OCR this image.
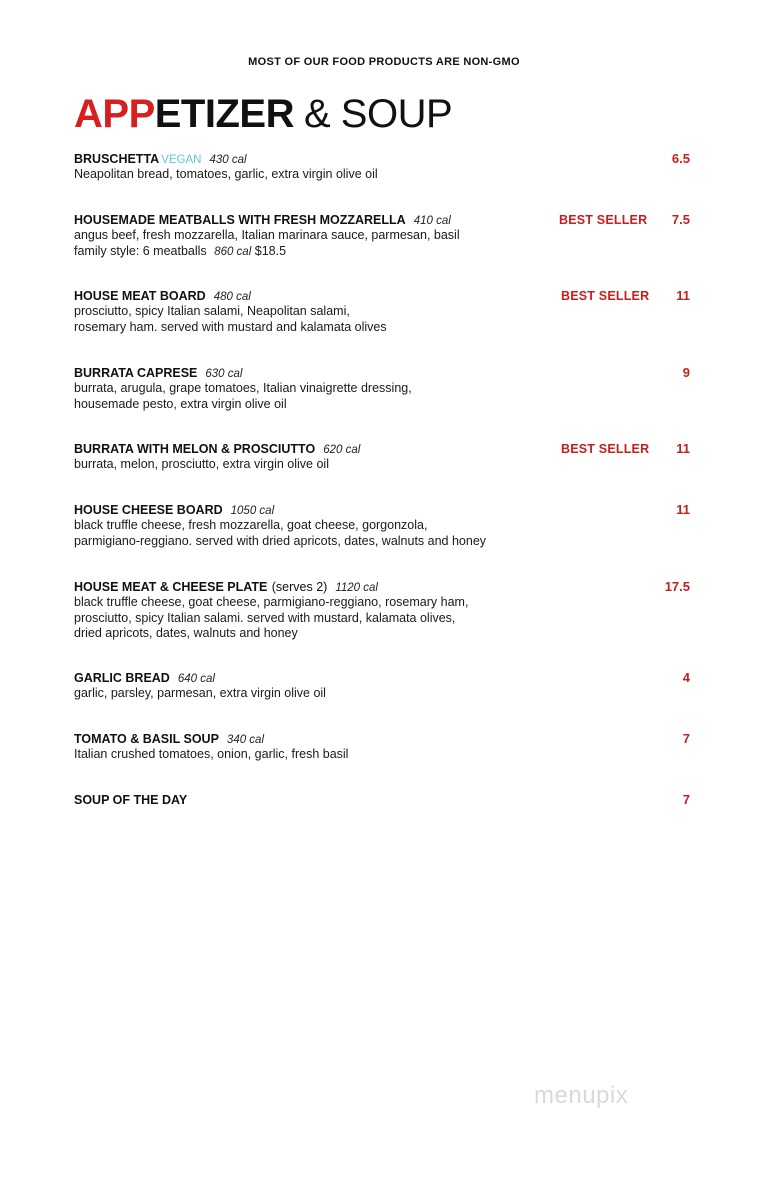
MOST OF OUR FOOD PRODUCTS ARE NON-GMO
APPETIZER & SOUP
BRUSCHETTA VEGAN 430 cal	6.5
Neapolitan bread, tomatoes, garlic, extra virgin olive oil
HOUSEMADE MEATBALLS WITH FRESH MOZZARELLA 410 cal	BEST SELLER 7.5
angus beef, fresh mozzarella, Italian marinara sauce, parmesan, basil
family style: 6 meatballs 860 cal $18.5
HOUSE MEAT BOARD 480 cal	BEST SELLER 11
prosciutto, spicy Italian salami, Neapolitan salami,
rosemary ham. served with mustard and kalamata olives
BURRATA CAPRESE 630 cal	9
burrata, arugula, grape tomatoes, Italian vinaigrette dressing,
housemade pesto, extra virgin olive oil
BURRATA WITH MELON & PROSCIUTTO 620 cal	BEST SELLER 11
burrata, melon, prosciutto, extra virgin olive oil
HOUSE CHEESE BOARD 1050 cal	11
black truffle cheese, fresh mozzarella, goat cheese, gorgonzola,
parmigiano-reggiano. served with dried apricots, dates, walnuts and honey
HOUSE MEAT & CHEESE PLATE (serves 2) 1120 cal	17.5
black truffle cheese, goat cheese, parmigiano-reggiano, rosemary ham,
prosciutto, spicy Italian salami. served with mustard, kalamata olives,
dried apricots, dates, walnuts and honey
GARLIC BREAD 640 cal	4
garlic, parsley, parmesan, extra virgin olive oil
TOMATO & BASIL SOUP 340 cal	7
Italian crushed tomatoes, onion, garlic, fresh basil
SOUP OF THE DAY	7
menupix
